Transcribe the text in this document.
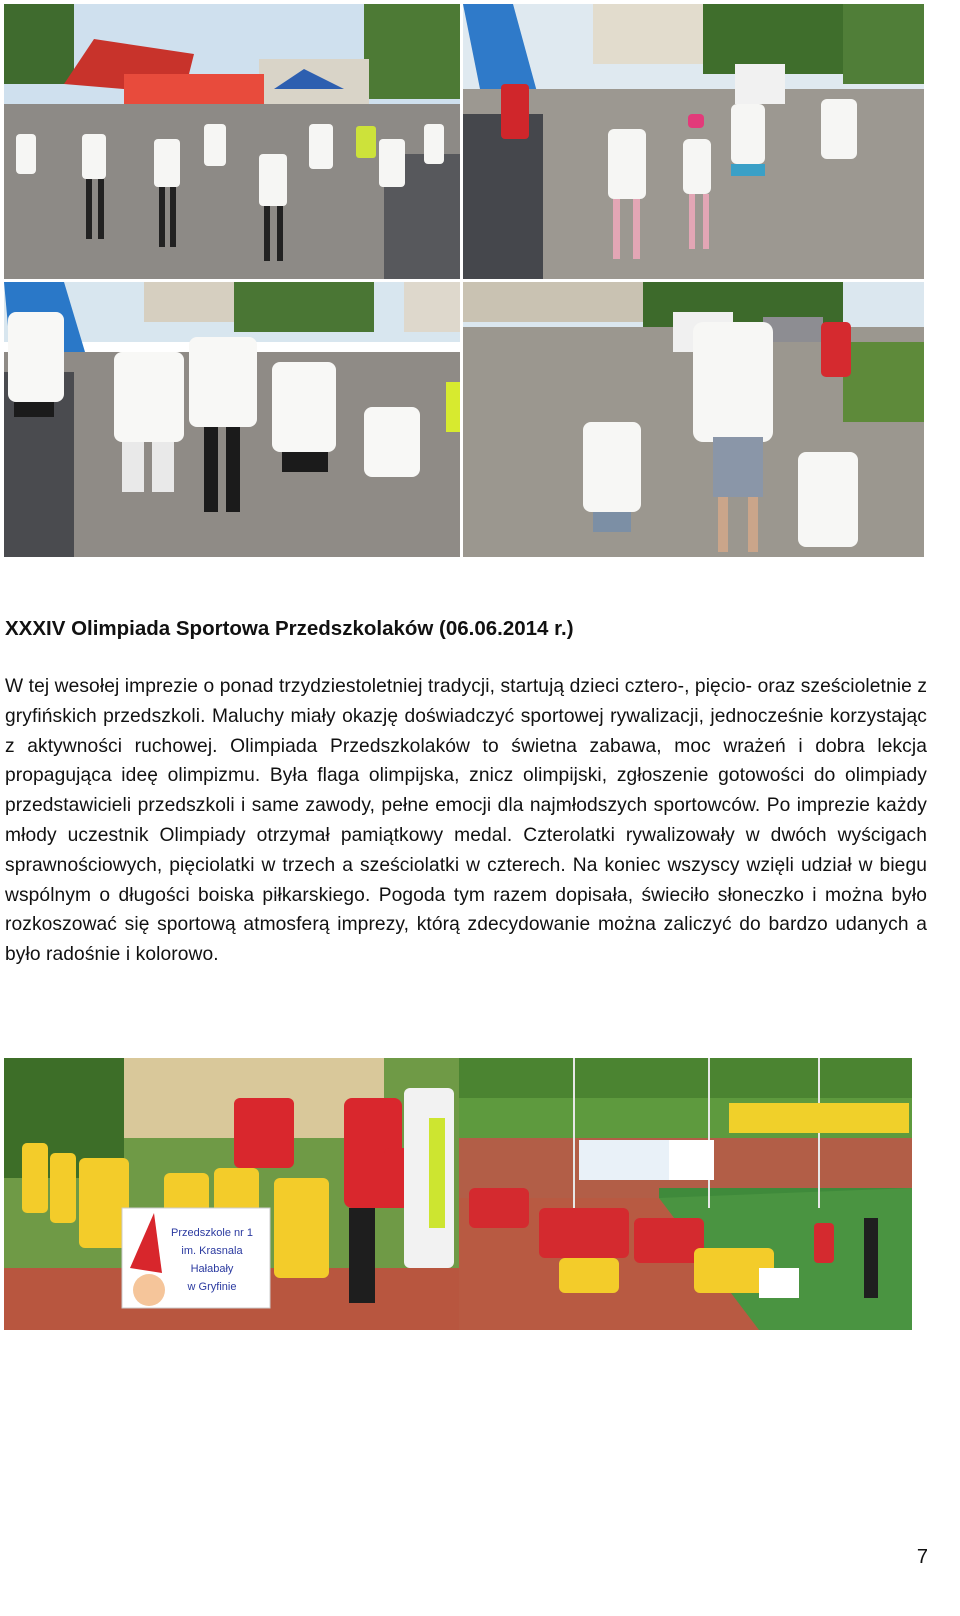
XXXIV Olimpiada Sportowa Przedszkolaków (06.06.2014 r.)

W tej wesołej imprezie o ponad trzydziestoletniej tradycji, startują dzieci cztero-, pięcio- oraz sześcioletnie z gryfińskich przedszkoli. Maluchy miały okazję doświadczyć sportowej rywalizacji, jednocześnie korzystając z aktywności ruchowej. Olimpiada Przedszkolaków to świetna zabawa, moc wrażeń i dobra lekcja propagująca ideę olimpizmu. Była flaga olimpijska, znicz olimpijski, zgłoszenie gotowości do olimpiady przedstawicieli przedszkoli i same zawody, pełne emocji dla najmłodszych sportowców. Po imprezie każdy młody uczestnik Olimpiady otrzymał pamiątkowy medal. Czterolatki rywalizowały w dwóch wyścigach sprawnościowych, pięciolatki w trzech a sześciolatki w czterech. Na koniec wszyscy wzięli udział w biegu wspólnym o długości boiska piłkarskiego. Pogoda tym razem dopisała, świeciło słoneczko i można było rozkoszować się sportową atmosferą imprezy, którą zdecydowanie można zaliczyć do bardzo udanych a było radośnie i kolorowo.

Przedszkole nr 1
im. Krasnala
Hałabały
w Gryfinie

7
